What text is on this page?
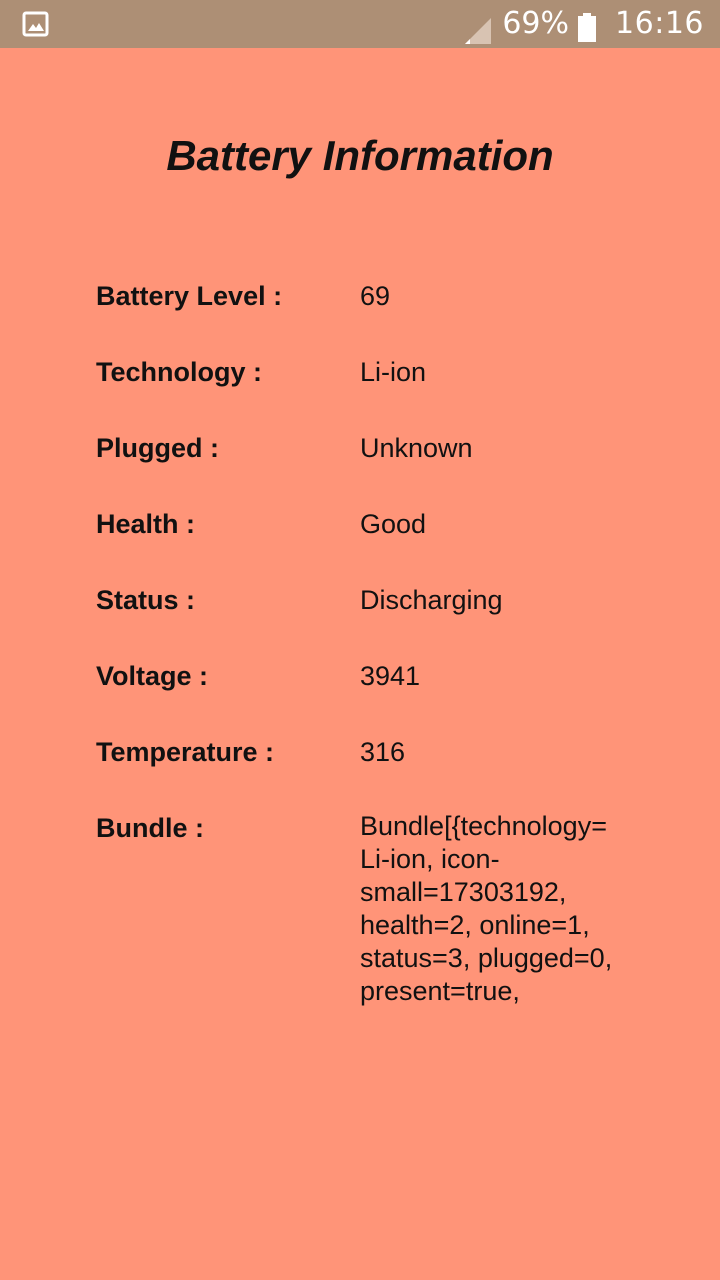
69% 16:16
Battery Information
Battery Level :	69
Technology :	Li-ion
Plugged :	Unknown
Health :	Good
Status :	Discharging
Voltage :	3941
Temperature :	316
Bundle :	Bundle[{technology=
Li-ion, icon-
small=17303192,
health=2, online=1,
status=3, plugged=0,
present=true,
